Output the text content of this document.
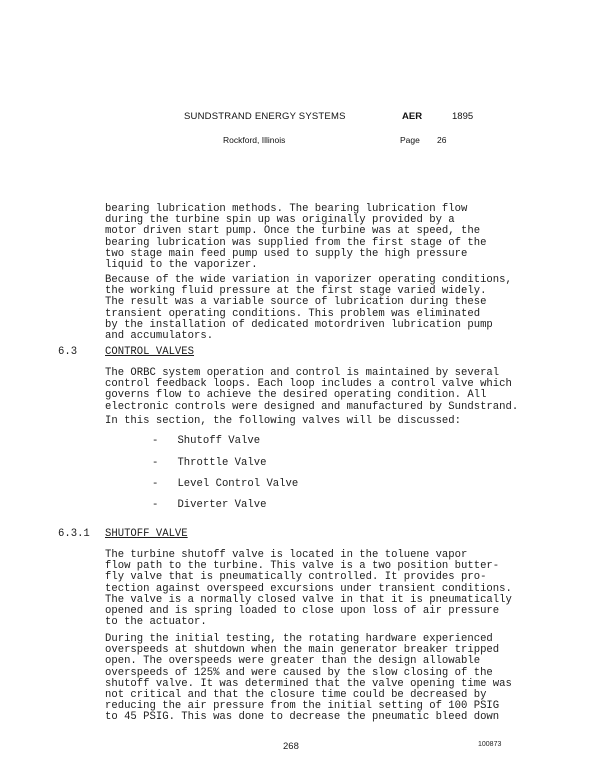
SUNDSTRAND ENERGY SYSTEMS	AER	1895
Rockford, Illinois	Page 26
bearing lubrication methods. The bearing lubrication flow
during the turbine spin up was originally provided by a
motor driven start pump. Once the turbine was at speed, the
bearing lubrication was supplied from the first stage of the
two stage main feed pump used to supply the high pressure
liquid to the vaporizer.
Because of the wide variation in vaporizer operating conditions,
the working fluid pressure at the first stage varied widely.
The result was a variable source of lubrication during these
transient operating conditions. This problem was eliminated
by the installation of dedicated motordriven lubrication pump
and accumulators.
6.3	CONTROL VALVES
The ORBC system operation and control is maintained by several
control feedback loops. Each loop includes a control valve which
governs flow to achieve the desired operating condition. All
electronic controls were designed and manufactured by Sundstrand.
In this section, the following valves will be discussed:
- Shutoff Valve
- Throttle Valve
- Level Control Valve
- Diverter Valve
6.3.1 SHUTOFF VALVE
The turbine shutoff valve is located in the toluene vapor
flow path to the turbine. This valve is a two position butter-
fly valve that is pneumatically controlled. It provides pro-
tection against overspeed excursions under transient conditions.
The valve is a normally closed valve in that it is pneumatically
opened and is spring loaded to close upon loss of air pressure
to the actuator.
During the initial testing, the rotating hardware experienced
overspeeds at shutdown when the main generator breaker tripped
open. The overspeeds were greater than the design allowable
overspeeds of 125% and were caused by the slow closing of the
shutoff valve. It was determined that the valve opening time was
not critical and that the closure time could be decreased by
reducing the air pressure from the initial setting of 100 PSIG
to 45 PSIG. This was done to decrease the pneumatic bleed down
268	100873
